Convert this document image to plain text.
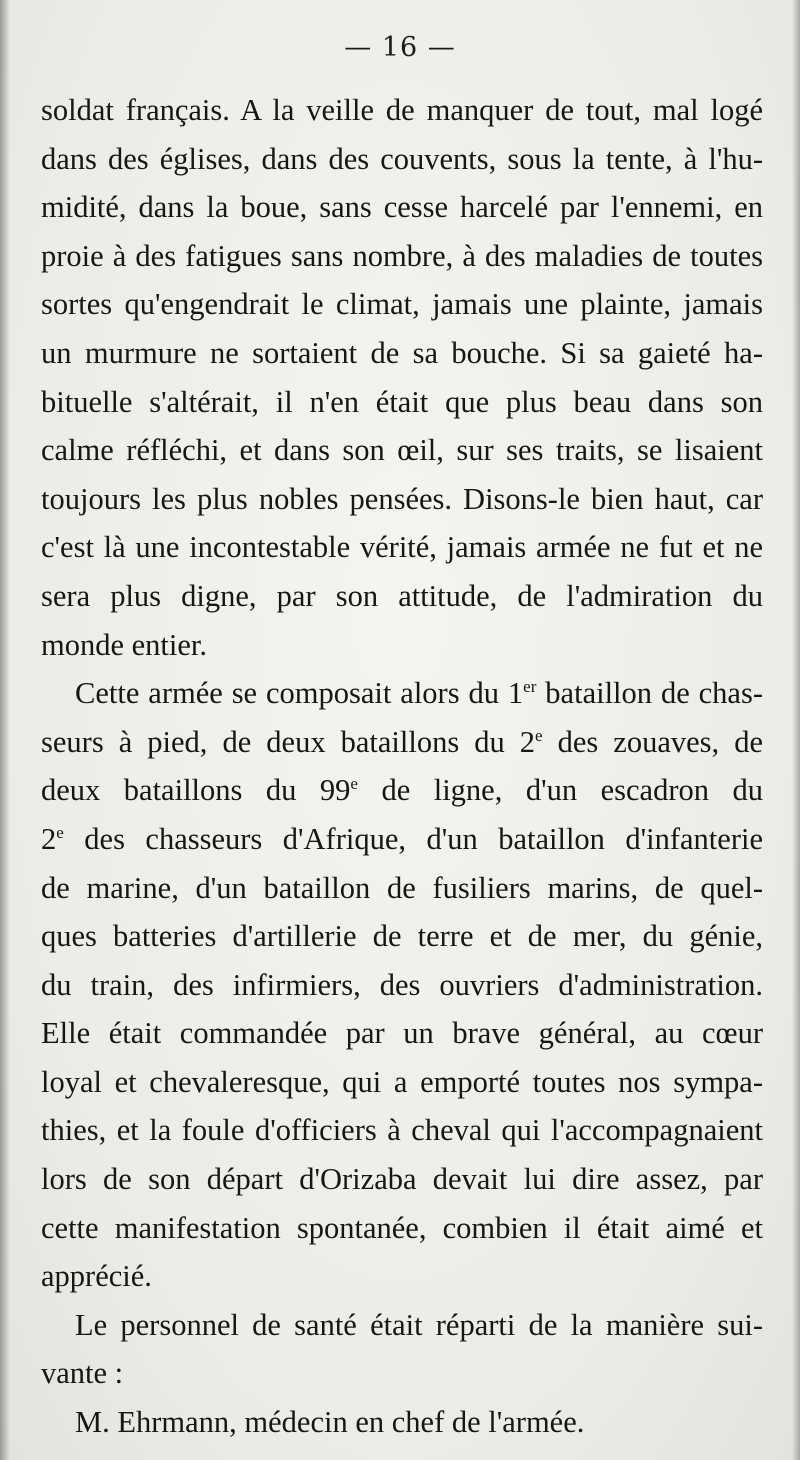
— 16 —
soldat français. A la veille de manquer de tout, mal logé
dans des églises, dans des couvents, sous la tente, à l'hu-
midité, dans la boue, sans cesse harcelé par l'ennemi, en
proie à des fatigues sans nombre, à des maladies de toutes
sortes qu'engendrait le climat, jamais une plainte, jamais
un murmure ne sortaient de sa bouche. Si sa gaieté ha-
bituelle s'altérait, il n'en était que plus beau dans son
calme réfléchi, et dans son œil, sur ses traits, se lisaient
toujours les plus nobles pensées. Disons-le bien haut, car
c'est là une incontestable vérité, jamais armée ne fut et ne
sera plus digne, par son attitude, de l'admiration du
monde entier.
Cette armée se composait alors du 1er bataillon de chas-
seurs à pied, de deux bataillons du 2e des zouaves, de
deux bataillons du 99e de ligne, d'un escadron du
2e des chasseurs d'Afrique, d'un bataillon d'infanterie
de marine, d'un bataillon de fusiliers marins, de quel-
ques batteries d'artillerie de terre et de mer, du génie,
du train, des infirmiers, des ouvriers d'administration.
Elle était commandée par un brave général, au cœur
loyal et chevaleresque, qui a emporté toutes nos sympa-
thies, et la foule d'officiers à cheval qui l'accompagnaient
lors de son départ d'Orizaba devait lui dire assez, par
cette manifestation spontanée, combien il était aimé et
apprécié.
Le personnel de santé était réparti de la manière sui-
vante :
M. Ehrmann, médecin en chef de l'armée.
